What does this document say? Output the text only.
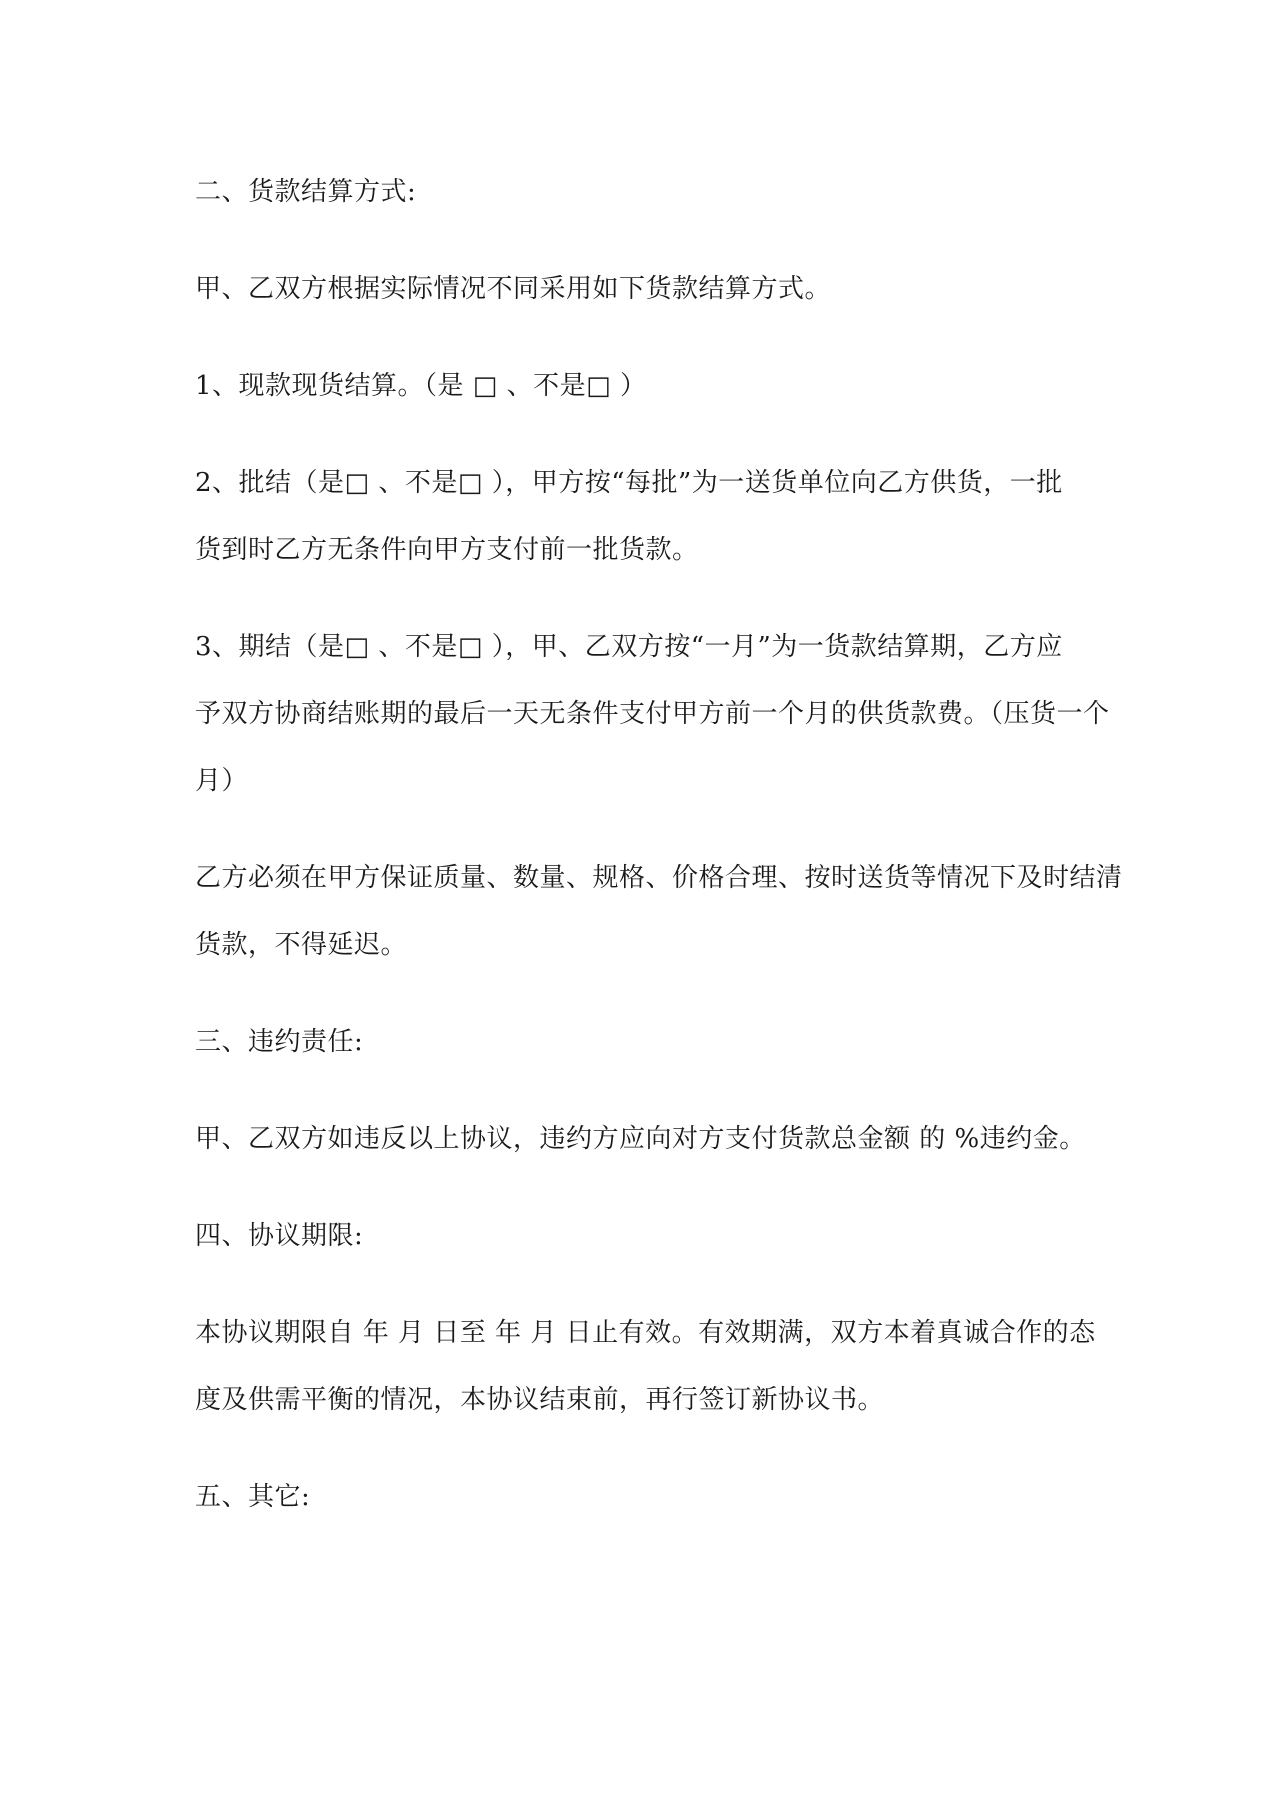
二、货款结算方式:
甲、乙双方根据实际情况不同采用如下货款结算方式。
1、现款现货结算。（是 □ 、不是□ ）
2、批结（是□ 、不是□ ），甲方按“每批”为一送货单位向乙方供货，一批
货到时乙方无条件向甲方支付前一批货款。
3、期结（是□ 、不是□ ），甲、乙双方按“一月”为一货款结算期，乙方应
予双方协商结账期的最后一天无条件支付甲方前一个月的供货款费。（压货一个
月）
乙方必须在甲方保证质量、数量、规格、价格合理、按时送货等情况下及时结清
货款，不得延迟。
三、违约责任:
甲、乙双方如违反以上协议，违约方应向对方支付货款总金额 的 %违约金。
四、协议期限:
本协议期限自 年 月 日至 年 月 日止有效。有效期满，双方本着真诚合作的态
度及供需平衡的情况，本协议结束前，再行签订新协议书。
五、其它:
